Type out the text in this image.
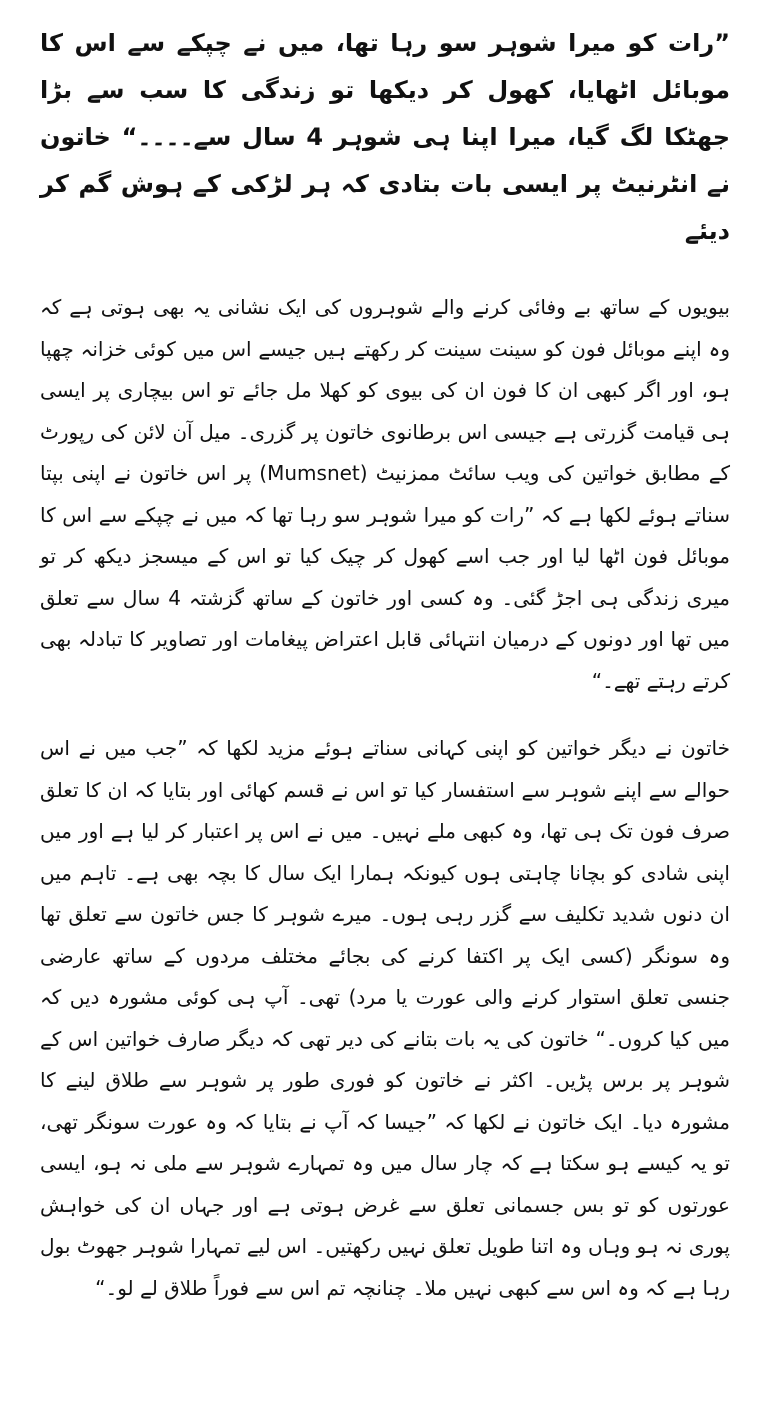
”رات کو میرا شوہر سو رہا تھا، میں نے چپکے سے اس کا موبائل اٹھایا، کھول کر دیکھا تو زندگی کا سب سے بڑا جھٹکا لگ گیا، میرا اپنا ہی شوہر 4 سال سے۔۔۔۔“ خاتون نے انٹرنیٹ پر ایسی بات بتادی کہ ہر لڑکی کے ہوش گم کر دیئے

بیویوں کے ساتھ بے وفائی کرنے والے شوہروں کی ایک نشانی یہ بھی ہوتی ہے کہ وہ اپنے موبائل فون کو سینت سینت کر رکھتے ہیں جیسے اس میں کوئی خزانہ چھپا ہو، اور اگر کبھی ان کا فون ان کی بیوی کو کھلا مل جائے تو اس بیچاری پر ایسی ہی قیامت گزرتی ہے جیسی اس برطانوی خاتون پر گزری۔ میل آن لائن کی رپورٹ کے مطابق خواتین کی ویب سائٹ ممزنیٹ (Mumsnet) پر اس خاتون نے اپنی بپتا سناتے ہوئے لکھا ہے کہ ”رات کو میرا شوہر سو رہا تھا کہ میں نے چپکے سے اس کا موبائل فون اٹھا لیا اور جب اسے کھول کر چیک کیا تو اس کے میسجز دیکھ کر تو میری زندگی ہی اجڑ گئی۔ وہ کسی اور خاتون کے ساتھ گزشتہ 4 سال سے تعلق میں تھا اور دونوں کے درمیان انتہائی قابل اعتراض پیغامات اور تصاویر کا تبادلہ بھی کرتے رہتے تھے۔“

خاتون نے دیگر خواتین کو اپنی کہانی سناتے ہوئے مزید لکھا کہ ”جب میں نے اس حوالے سے اپنے شوہر سے استفسار کیا تو اس نے قسم کھائی اور بتایا کہ ان کا تعلق صرف فون تک ہی تھا، وہ کبھی ملے نہیں۔ میں نے اس پر اعتبار کر لیا ہے اور میں اپنی شادی کو بچانا چاہتی ہوں کیونکہ ہمارا ایک سال کا بچہ بھی ہے۔ تاہم میں ان دنوں شدید تکلیف سے گزر رہی ہوں۔ میرے شوہر کا جس خاتون سے تعلق تھا وہ سونگر (کسی ایک پر اکتفا کرنے کی بجائے مختلف مردوں کے ساتھ عارضی جنسی تعلق استوار کرنے والی عورت یا مرد) تھی۔ آپ ہی کوئی مشورہ دیں کہ میں کیا کروں۔“ خاتون کی یہ بات بتانے کی دیر تھی کہ دیگر صارف خواتین اس کے شوہر پر برس پڑیں۔ اکثر نے خاتون کو فوری طور پر شوہر سے طلاق لینے کا مشورہ دیا۔ ایک خاتون نے لکھا کہ ”جیسا کہ آپ نے بتایا کہ وہ عورت سونگر تھی، تو یہ کیسے ہو سکتا ہے کہ چار سال میں وہ تمہارے شوہر سے ملی نہ ہو، ایسی عورتوں کو تو بس جسمانی تعلق سے غرض ہوتی ہے اور جہاں ان کی خواہش پوری نہ ہو وہاں وہ اتنا طویل تعلق نہیں رکھتیں۔ اس لیے تمہارا شوہر جھوٹ بول رہا ہے کہ وہ اس سے کبھی نہیں ملا۔ چنانچہ تم اس سے فوراً طلاق لے لو۔“
